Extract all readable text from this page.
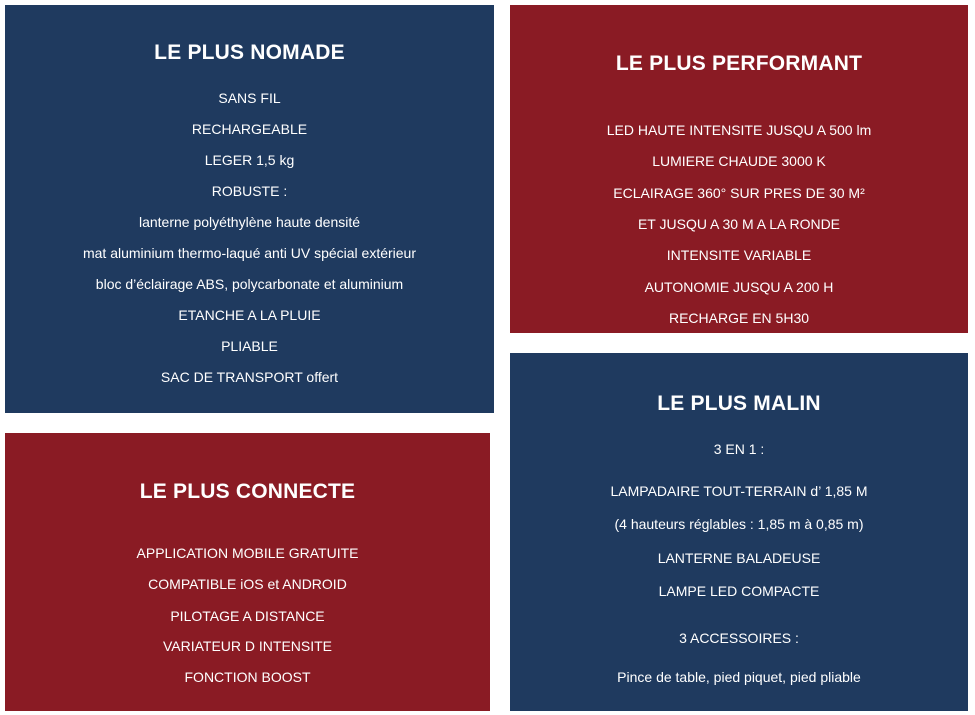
LE PLUS NOMADE
SANS FIL
RECHARGEABLE
LEGER 1,5 kg
ROBUSTE :
lanterne polyéthylène haute densité
mat aluminium thermo-laqué anti UV spécial extérieur
bloc d’éclairage ABS, polycarbonate et aluminium
ETANCHE A LA PLUIE
PLIABLE
SAC DE TRANSPORT offert
LE PLUS PERFORMANT
LED HAUTE INTENSITE JUSQU A 500 lm
LUMIERE CHAUDE 3000 K
ECLAIRAGE 360° SUR PRES DE 30 M²
ET JUSQU A 30 M A LA RONDE
INTENSITE VARIABLE
AUTONOMIE JUSQU A 200 H
RECHARGE EN 5H30
LE PLUS CONNECTE
APPLICATION MOBILE GRATUITE
COMPATIBLE iOS et ANDROID
PILOTAGE A DISTANCE
VARIATEUR D INTENSITE
FONCTION BOOST
LE PLUS MALIN
3 EN 1 :
LAMPADAIRE TOUT-TERRAIN d’ 1,85 M
(4 hauteurs réglables : 1,85 m à 0,85 m)
LANTERNE BALADEUSE
LAMPE LED COMPACTE
3 ACCESSOIRES :
Pince de table, pied piquet, pied pliable
